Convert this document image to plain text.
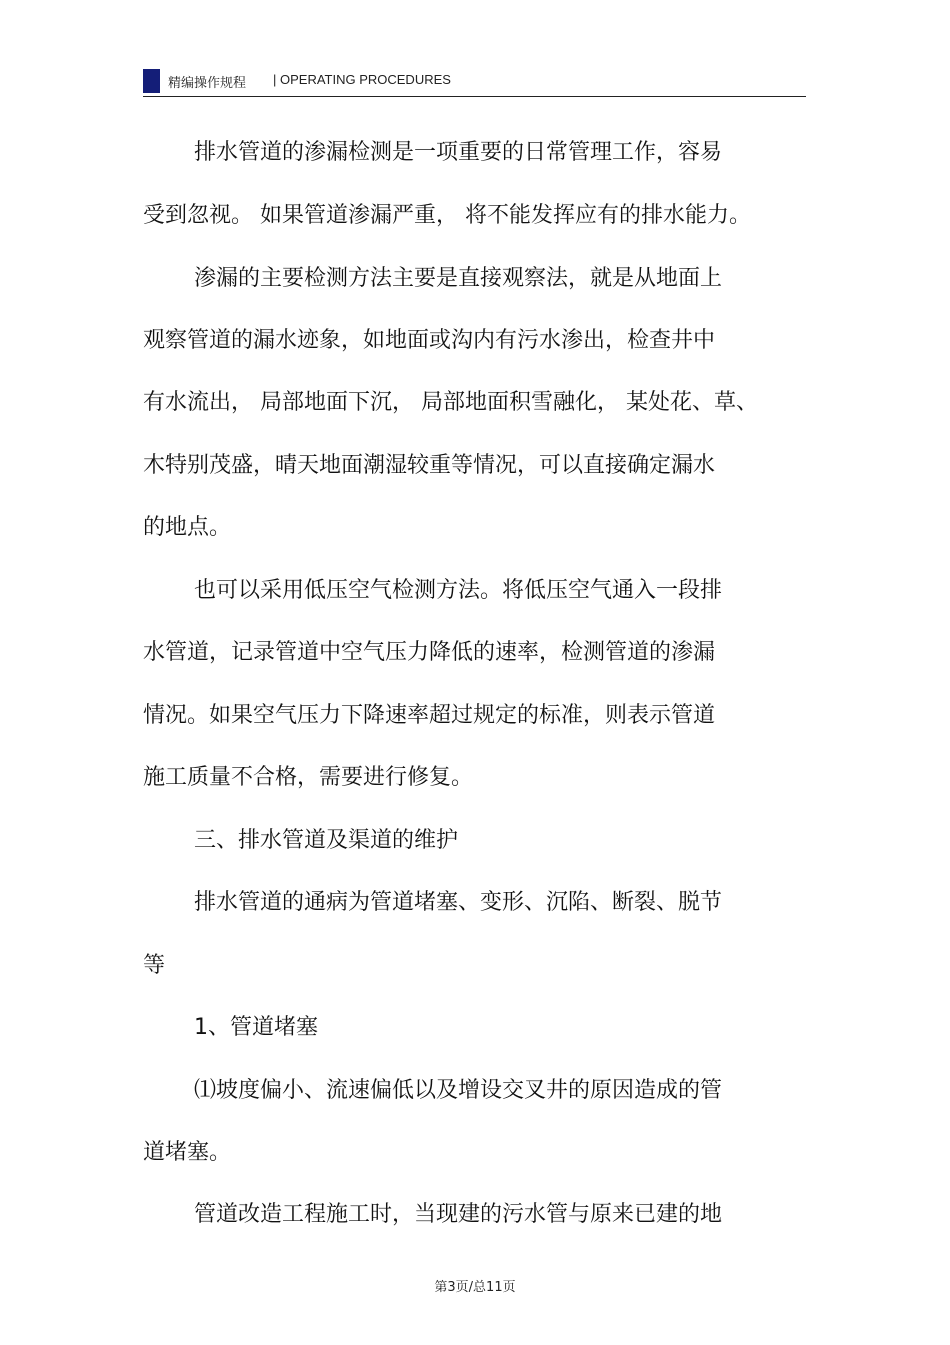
精编操作规程 | OPERATING PROCEDURES
排水管道的渗漏检测是一项重要的日常管理工作，容易
受到忽视。 如果管道渗漏严重， 将不能发挥应有的排水能力。
渗漏的主要检测方法主要是直接观察法，就是从地面上
观察管道的漏水迹象，如地面或沟内有污水渗出，检查井中
有水流出， 局部地面下沉， 局部地面积雪融化， 某处花、草、
木特别茂盛，晴天地面潮湿较重等情况，可以直接确定漏水
的地点。
也可以采用低压空气检测方法。将低压空气通入一段排
水管道，记录管道中空气压力降低的速率，检测管道的渗漏
情况。如果空气压力下降速率超过规定的标准，则表示管道
施工质量不合格，需要进行修复。
三、排水管道及渠道的维护
排水管道的通病为管道堵塞、变形、沉陷、断裂、脱节
等
1、管道堵塞
⑴坡度偏小、流速偏低以及增设交叉井的原因造成的管
道堵塞。
管道改造工程施工时，当现建的污水管与原来已建的地
第3页/总11页
